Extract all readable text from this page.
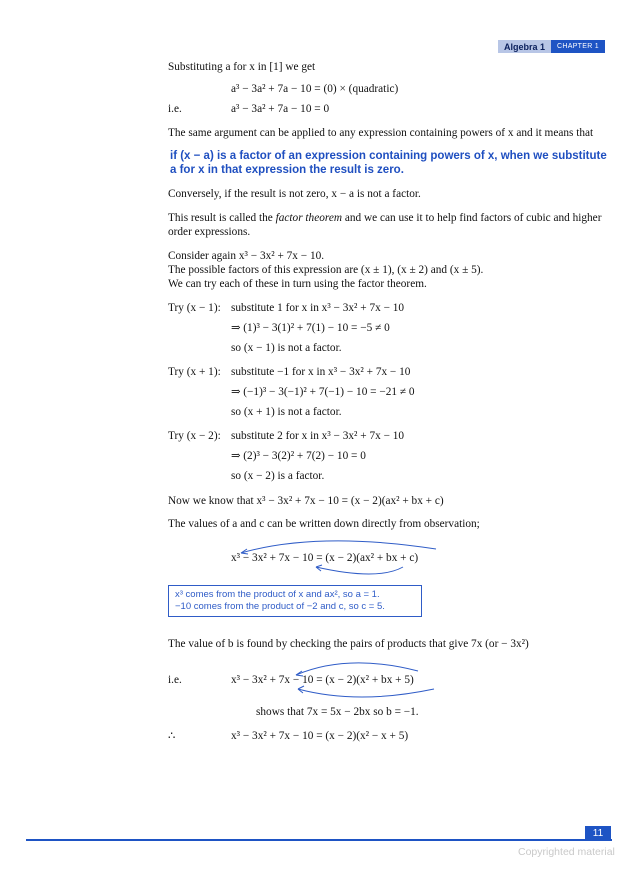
Algebra 1	CHAPTER 1

Substituting a for x in [1] we get

a³ − 3a² + 7a − 10 = (0) × (quadratic)
i.e.	a³ − 3a² + 7a − 10 = 0

The same argument can be applied to any expression containing powers of x and it means that

if (x − a) is a factor of an expression containing powers of x, when we substitute a for x in that expression the result is zero.

Conversely, if the result is not zero, x − a is not a factor.

This result is called the factor theorem and we can use it to help find factors of cubic and higher order expressions.

Consider again x³ − 3x² + 7x − 10.

The possible factors of this expression are (x ± 1), (x ± 2) and (x ± 5).

We can try each of these in turn using the factor theorem.

Try (x − 1): substitute 1 for x in x³ − 3x² + 7x − 10
⇒ (1)³ − 3(1)² + 7(1) − 10 = −5 ≠ 0
so (x − 1) is not a factor.
Try (x + 1): substitute −1 for x in x³ − 3x² + 7x − 10
⇒ (−1)³ − 3(−1)² + 7(−1) − 10 = −21 ≠ 0
so (x + 1) is not a factor.
Try (x − 2): substitute 2 for x in x³ − 3x² + 7x − 10
⇒ (2)³ − 3(2)² + 7(2) − 10 = 0
so (x − 2) is a factor.

Now we know that x³ − 3x² + 7x − 10 = (x − 2)(ax² + bx + c)

The values of a and c can be written down directly from observation;

x³ − 3x² + 7x − 10 = (x − 2)(ax² + bx + c)
x³ comes from the product of x and ax², so a = 1.
−10 comes from the product of −2 and c, so c = 5.

The value of b is found by checking the pairs of products that give 7x (or − 3x²)

i.e.	x³ − 3x² + 7x − 10 = (x − 2)(x² + bx + 5)
shows that 7x = 5x − 2bx so b = −1.
∴	x³ − 3x² + 7x − 10 = (x − 2)(x² − x + 5)
11
Copyrighted material
